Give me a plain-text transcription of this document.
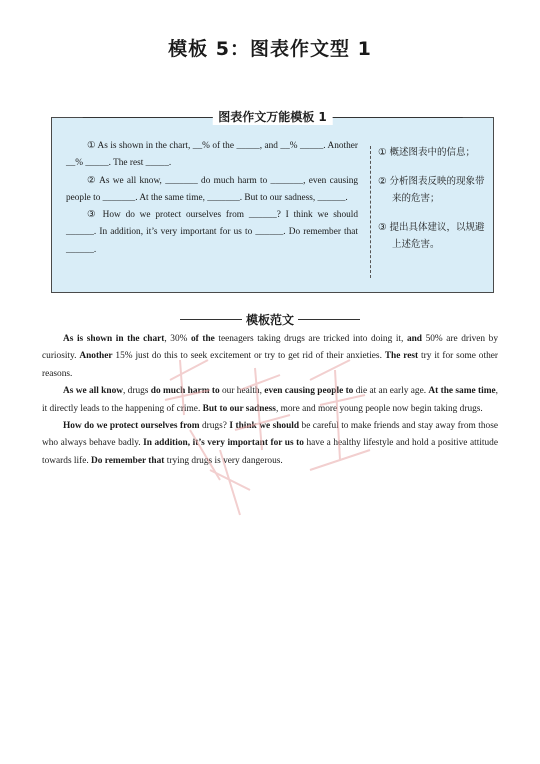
模板 5：图表作文型 1
图表作文万能模板 1

① As is shown in the chart, __% of the _____, and __% _____. Another __% _____. The rest _____.

② As we all know, _______ do much harm to _______, even causing people to _______. At the same time, _______. But to our sadness, ______.

③ How do we protect ourselves from ______? I think we should ______. In addition, it’s very important for us to ______. Do remember that ______.

① 概述图表中的信息；
② 分析图表反映的现象带来的危害；
③ 提出具体建议，以规避上述危害。
模板范文

As is shown in the chart, 30% of the teenagers taking drugs are tricked into doing it, and 50% are driven by curiosity. Another 15% just do this to seek excitement or try to get rid of their anxieties. The rest try it for some other reasons.

As we all know, drugs do much harm to our health, even causing people to die at an early age. At the same time, it directly leads to the happening of crime. But to our sadness, more and more young people now begin taking drugs.

How do we protect ourselves from drugs? I think we should be careful to make friends and stay away from those who always behave badly. In addition, it’s very important for us to have a healthy lifestyle and hold a positive attitude towards life. Do remember that trying drugs is very dangerous.
